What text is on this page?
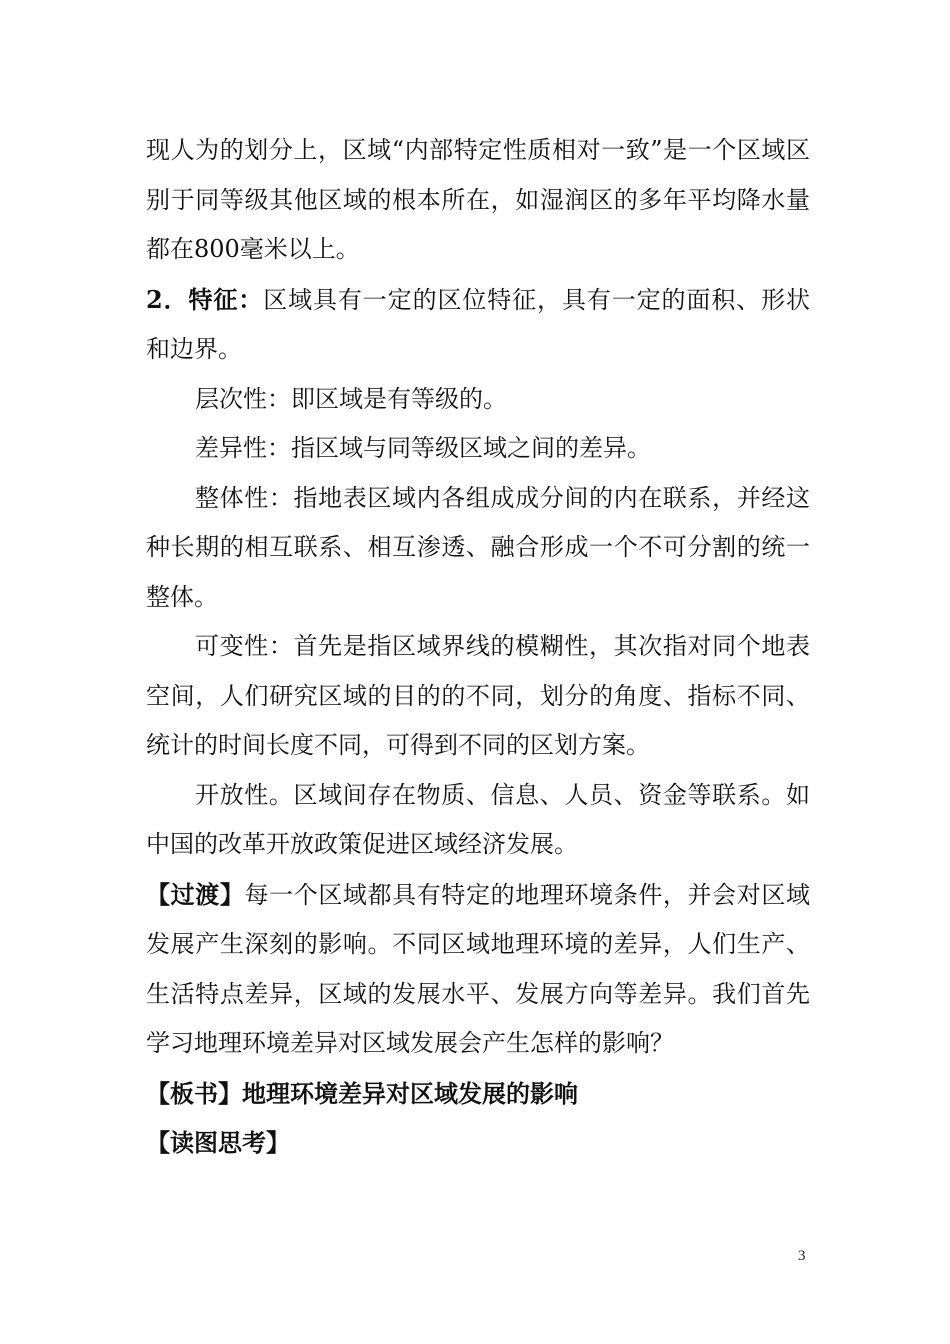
现人为的划分上，区域“内部特定性质相对一致”是一个区域区别于同等级其他区域的根本所在，如湿润区的多年平均降水量都在800毫米以上。

2．特征：区域具有一定的区位特征，具有一定的面积、形状和边界。

层次性：即区域是有等级的。

差异性：指区域与同等级区域之间的差异。

整体性：指地表区域内各组成成分间的内在联系，并经这种长期的相互联系、相互渗透、融合形成一个不可分割的统一整体。

可变性：首先是指区域界线的模糊性，其次指对同个地表空间，人们研究区域的目的的不同，划分的角度、指标不同、统计的时间长度不同，可得到不同的区划方案。

开放性。区域间存在物质、信息、人员、资金等联系。如中国的改革开放政策促进区域经济发展。

【过渡】每一个区域都具有特定的地理环境条件，并会对区域发展产生深刻的影响。不同区域地理环境的差异，人们生产、生活特点差异，区域的发展水平、发展方向等差异。我们首先学习地理环境差异对区域发展会产生怎样的影响？

【板书】地理环境差异对区域发展的影响

【读图思考】

3
